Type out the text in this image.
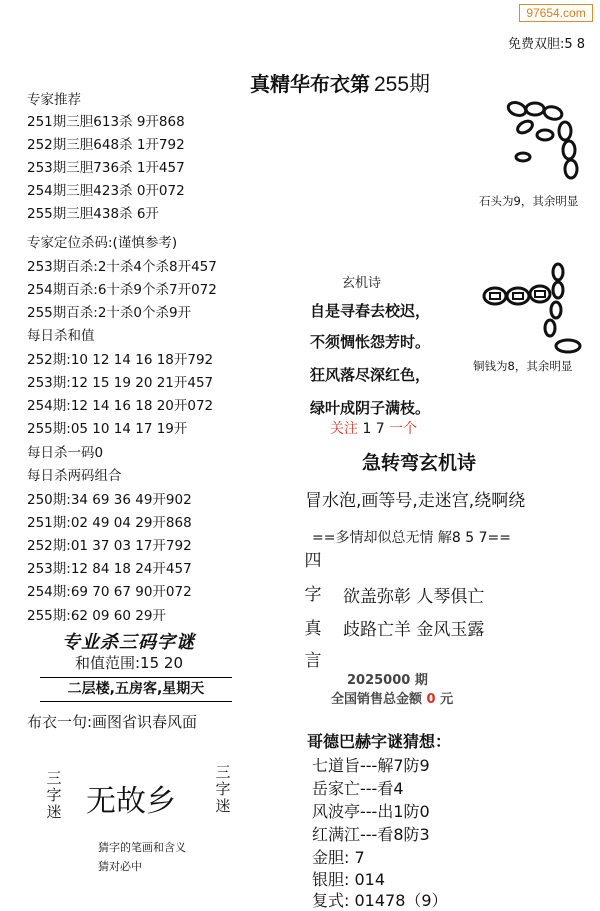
97654.com
免费双胆:5 8
真精华布衣第 255期
专家推荐
251期三胆613杀 9开868
252期三胆648杀 1开792
253期三胆736杀 1开457
254期三胆423杀 0开072
255期三胆438杀 6开
专家定位杀码:(谨慎参考)
253期百杀:2十杀4个杀8开457
254期百杀:6十杀9个杀7开072
255期百杀:2十杀0个杀9开
每日杀和值
252期:10 12 14 16 18开792
253期:12 15 19 20 21开457
254期:12 14 16 18 20开072
255期:05 10 14 17 19开
每日杀一码0
每日杀两码组合
250期:34 69 36 49开902
251期:02 49 04 29开868
252期:01 37 03 17开792
253期:12 84 18 24开457
254期:69 70 67 90开072
255期:62 09 60 29开
专业杀三码字谜
和值范围:15 20
二层楼,五房客,星期天
布衣一句:画图省识春风面
三字迷 无故乡
三字迷
猜字的笔画和含义
猜对必中
石头为9，其余明显
铜钱为8，其余明显
玄机诗
自是寻春去校迟，
不须惆怅怨芳时。
狂风落尽深红色，
绿叶成阴子满枝。
关注 1 7 一个
急转弯玄机诗
冒水泡,画等号,走迷宫,绕啊绕
==多情却似总无情 解8 5 7==
四
字
真
言
欲盖弥彰 人琴俱亡
歧路亡羊 金风玉露
2025000 期
全国销售总金额 0 元
哥德巴赫字谜猜想：
七道旨---解7防9
岳家亡---看4
风波亭---出1防0
红满江---看8防3
金胆: 7
银胆: 014
复式: 01478（9）
